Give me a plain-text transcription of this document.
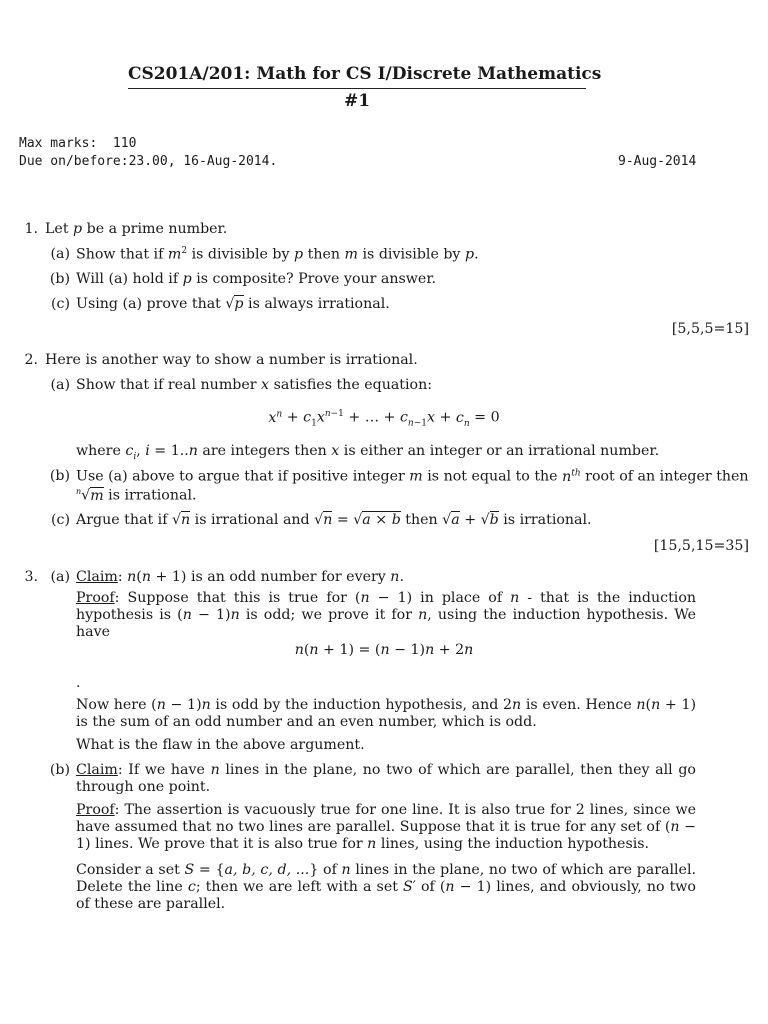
CS201A/201: Math for CS I/Discrete Mathematics
#1
Max marks:  110
Due on/before:23.00, 16-Aug-2014.	9-Aug-2014
1. Let p be a prime number.
(a) Show that if $m^2$ is divisible by p then m is divisible by p.
(b) Will (a) hold if p is composite? Prove your answer.
(c) Using (a) prove that √p is always irrational.
[5,5,5=15]
2. Here is another way to show a number is irrational.
(a) Show that if real number x satisfies the equation:
$x^n + c_1x^{n-1}$ + … + $c_{n-1}x + c_n = 0$
where $c_i$, i = 1..n are integers then x is either an integer or an irrational number.
(b) Use (a) above to argue that if positive integer m is not equal to the $n^{th}$ root of an integer then
$^n$√m is irrational.
(c) Argue that if √n is irrational and √n = √a × b then √a + √b is irrational.
[15,5,15=35]
3. (a) Claim: n(n + 1) is an odd number for every n.
Proof: Suppose that this is true for (n − 1) in place of n - that is the induction hypothesis is (n − 1)n is odd; we prove it for n, using the induction hypothesis. We have
n(n + 1) = (n − 1)n + 2n
.
Now here (n − 1)n is odd by the induction hypothesis, and 2n is even. Hence n(n + 1) is the sum of an odd number and an even number, which is odd.
What is the flaw in the above argument.
(b) Claim: If we have n lines in the plane, no two of which are parallel, then they all go through one point.
Proof: The assertion is vacuously true for one line. It is also true for 2 lines, since we have assumed that no two lines are parallel. Suppose that it is true for any set of (n − 1) lines. We prove that it is also true for n lines, using the induction hypothesis.
Consider a set S = {a, b, c, d, ...} of n lines in the plane, no two of which are parallel. Delete the line c; then we are left with a set S′ of (n − 1) lines, and obviously, no two of these are parallel.
